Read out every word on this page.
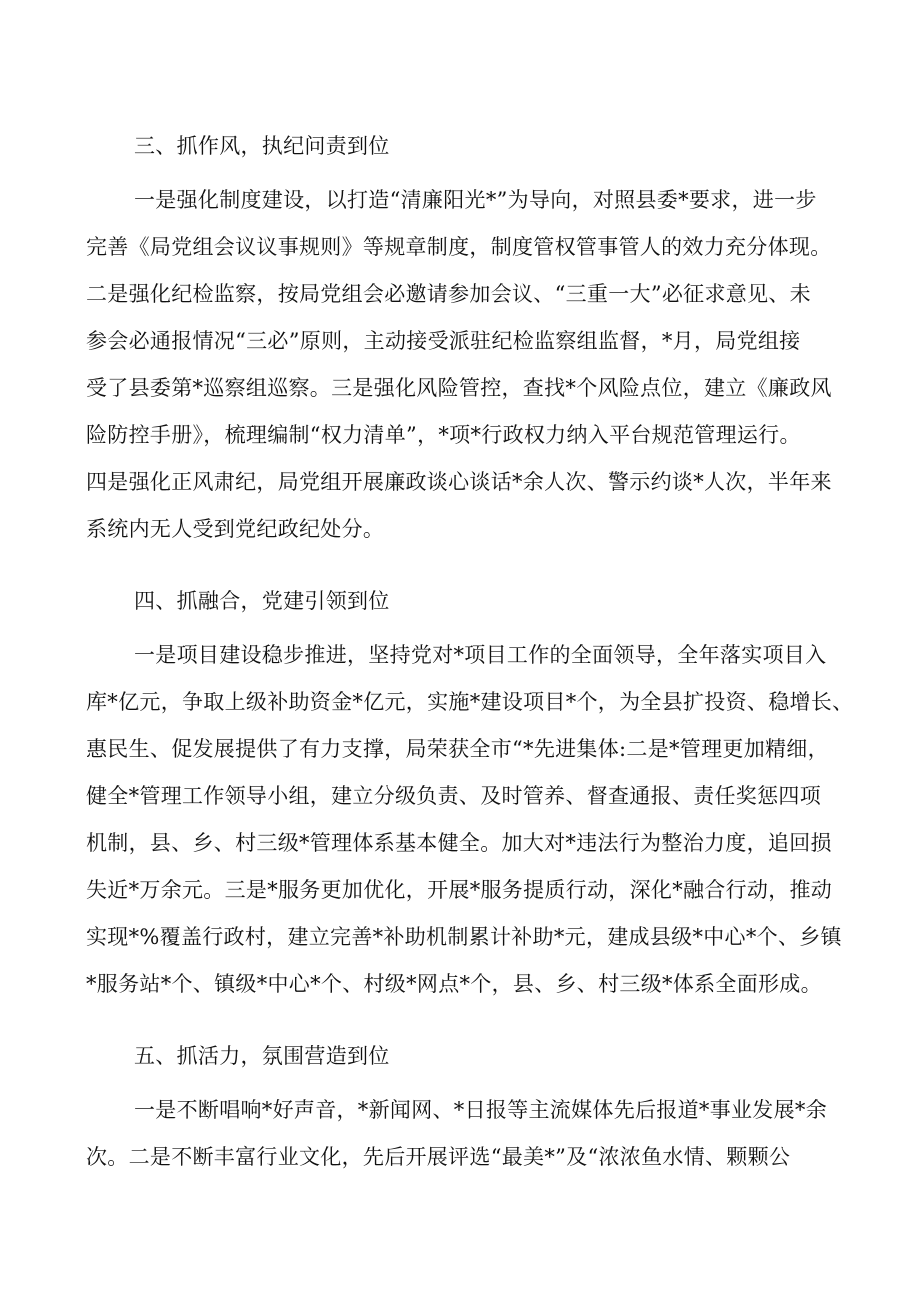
三、抓作风，执纪问责到位
一是强化制度建设，以打造“清廉阳光*”为导向，对照县委*要求，进一步
完善《局党组会议议事规则》等规章制度，制度管权管事管人的效力充分体现。
二是强化纪检监察，按局党组会必邀请参加会议、“三重一大”必征求意见、未
参会必通报情况“三必”原则，主动接受派驻纪检监察组监督，*月，局党组接
受了县委第*巡察组巡察。三是强化风险管控，查找*个风险点位，建立《廉政风
险防控手册》，梳理编制“权力清单”，*项*行政权力纳入平台规范管理运行。
四是强化正风肃纪，局党组开展廉政谈心谈话*余人次、警示约谈*人次，半年来
系统内无人受到党纪政纪处分。
四、抓融合，党建引领到位
一是项目建设稳步推进，坚持党对*项目工作的全面领导，全年落实项目入
库*亿元，争取上级补助资金*亿元，实施*建设项目*个，为全县扩投资、稳增长、
惠民生、促发展提供了有力支撑，局荣获全市“*先进集体:二是*管理更加精细，
健全*管理工作领导小组，建立分级负责、及时管养、督查通报、责任奖惩四项
机制，县、乡、村三级*管理体系基本健全。加大对*违法行为整治力度，追回损
失近*万余元。三是*服务更加优化，开展*服务提质行动，深化*融合行动，推动
实现*%覆盖行政村，建立完善*补助机制累计补助*元，建成县级*中心*个、乡镇
*服务站*个、镇级*中心*个、村级*网点*个，县、乡、村三级*体系全面形成。
五、抓活力，氛围营造到位
一是不断唱响*好声音，*新闻网、*日报等主流媒体先后报道*事业发展*余
次。二是不断丰富行业文化，先后开展评选“最美*”及“浓浓鱼水情、颗颗公
